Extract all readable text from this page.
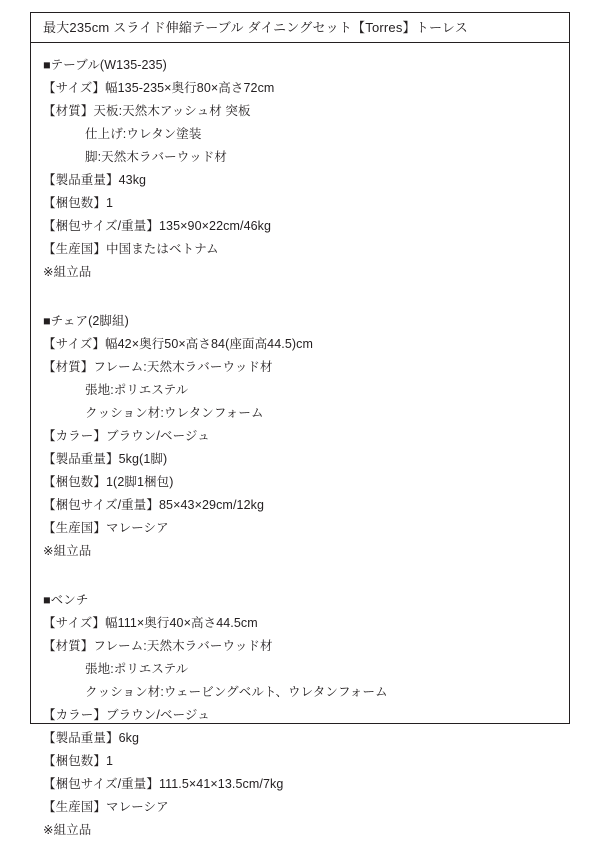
最大235cm スライド伸縮テーブル ダイニングセット【Torres】トーレス
■テーブル(W135-235)
【サイズ】幅135-235×奥行80×高さ72cm
【材質】天板:天然木アッシュ材 突板
仕上げ:ウレタン塗装
脚:天然木ラバーウッド材
【製品重量】43kg
【梱包数】1
【梱包サイズ/重量】135×90×22cm/46kg
【生産国】中国またはベトナム
※組立品
■チェア(2脚組)
【サイズ】幅42×奥行50×高さ84(座面高44.5)cm
【材質】フレーム:天然木ラバーウッド材
張地:ポリエステル
クッション材:ウレタンフォーム
【カラー】ブラウン/ベージュ
【製品重量】5kg(1脚)
【梱包数】1(2脚1梱包)
【梱包サイズ/重量】85×43×29cm/12kg
【生産国】マレーシア
※組立品
■ベンチ
【サイズ】幅111×奥行40×高さ44.5cm
【材質】フレーム:天然木ラバーウッド材
張地:ポリエステル
クッション材:ウェービングベルト、ウレタンフォーム
【カラー】ブラウン/ベージュ
【製品重量】6kg
【梱包数】1
【梱包サイズ/重量】111.5×41×13.5cm/7kg
【生産国】マレーシア
※組立品
